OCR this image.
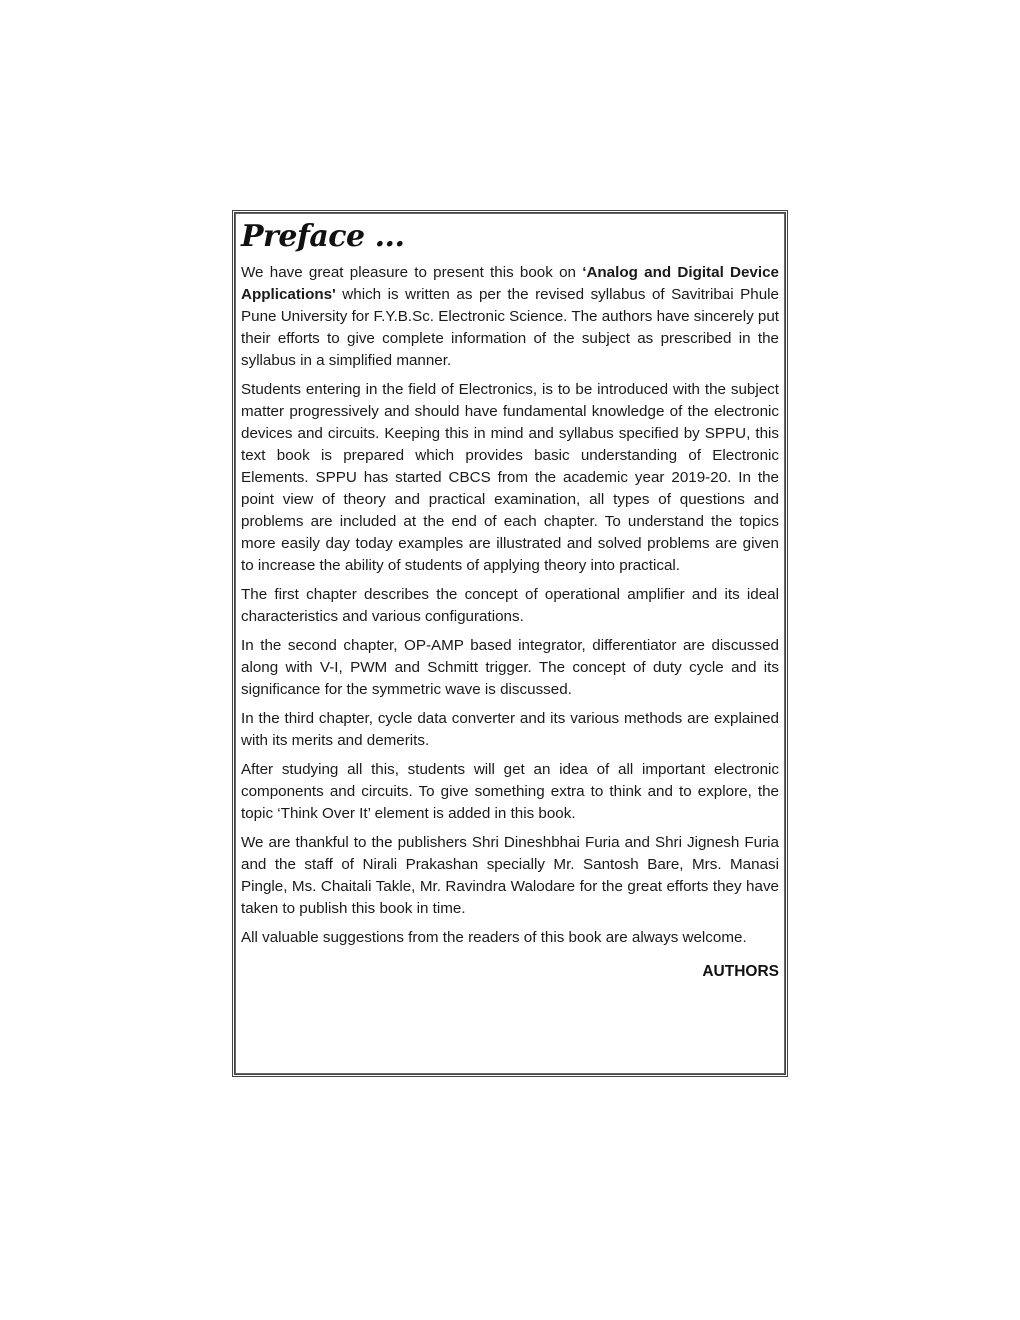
Preface ...

We have great pleasure to present this book on ‘Analog and Digital Device Applications' which is written as per the revised syllabus of Savitribai Phule Pune University for F.Y.B.Sc. Electronic Science. The authors have sincerely put their efforts to give complete information of the subject as prescribed in the syllabus in a simplified manner.

Students entering in the field of Electronics, is to be introduced with the subject matter progressively and should have fundamental knowledge of the electronic devices and circuits. Keeping this in mind and syllabus specified by SPPU, this text book is prepared which provides basic understanding of Electronic Elements. SPPU has started CBCS from the academic year 2019-20. In the point view of theory and practical examination, all types of questions and problems are included at the end of each chapter. To understand the topics more easily day today examples are illustrated and solved problems are given to increase the ability of students of applying theory into practical.

The first chapter describes the concept of operational amplifier and its ideal characteristics and various configurations.

In the second chapter, OP-AMP based integrator, differentiator are discussed along with V-I, PWM and Schmitt trigger. The concept of duty cycle and its significance for the symmetric wave is discussed.

In the third chapter, cycle data converter and its various methods are explained with its merits and demerits.

After studying all this, students will get an idea of all important electronic components and circuits. To give something extra to think and to explore, the topic ‘Think Over It’ element is added in this book.

We are thankful to the publishers Shri Dineshbhai Furia and Shri Jignesh Furia and the staff of Nirali Prakashan specially Mr. Santosh Bare, Mrs. Manasi Pingle, Ms. Chaitali Takle, Mr. Ravindra Walodare for the great efforts they have taken to publish this book in time.

All valuable suggestions from the readers of this book are always welcome.

AUTHORS
